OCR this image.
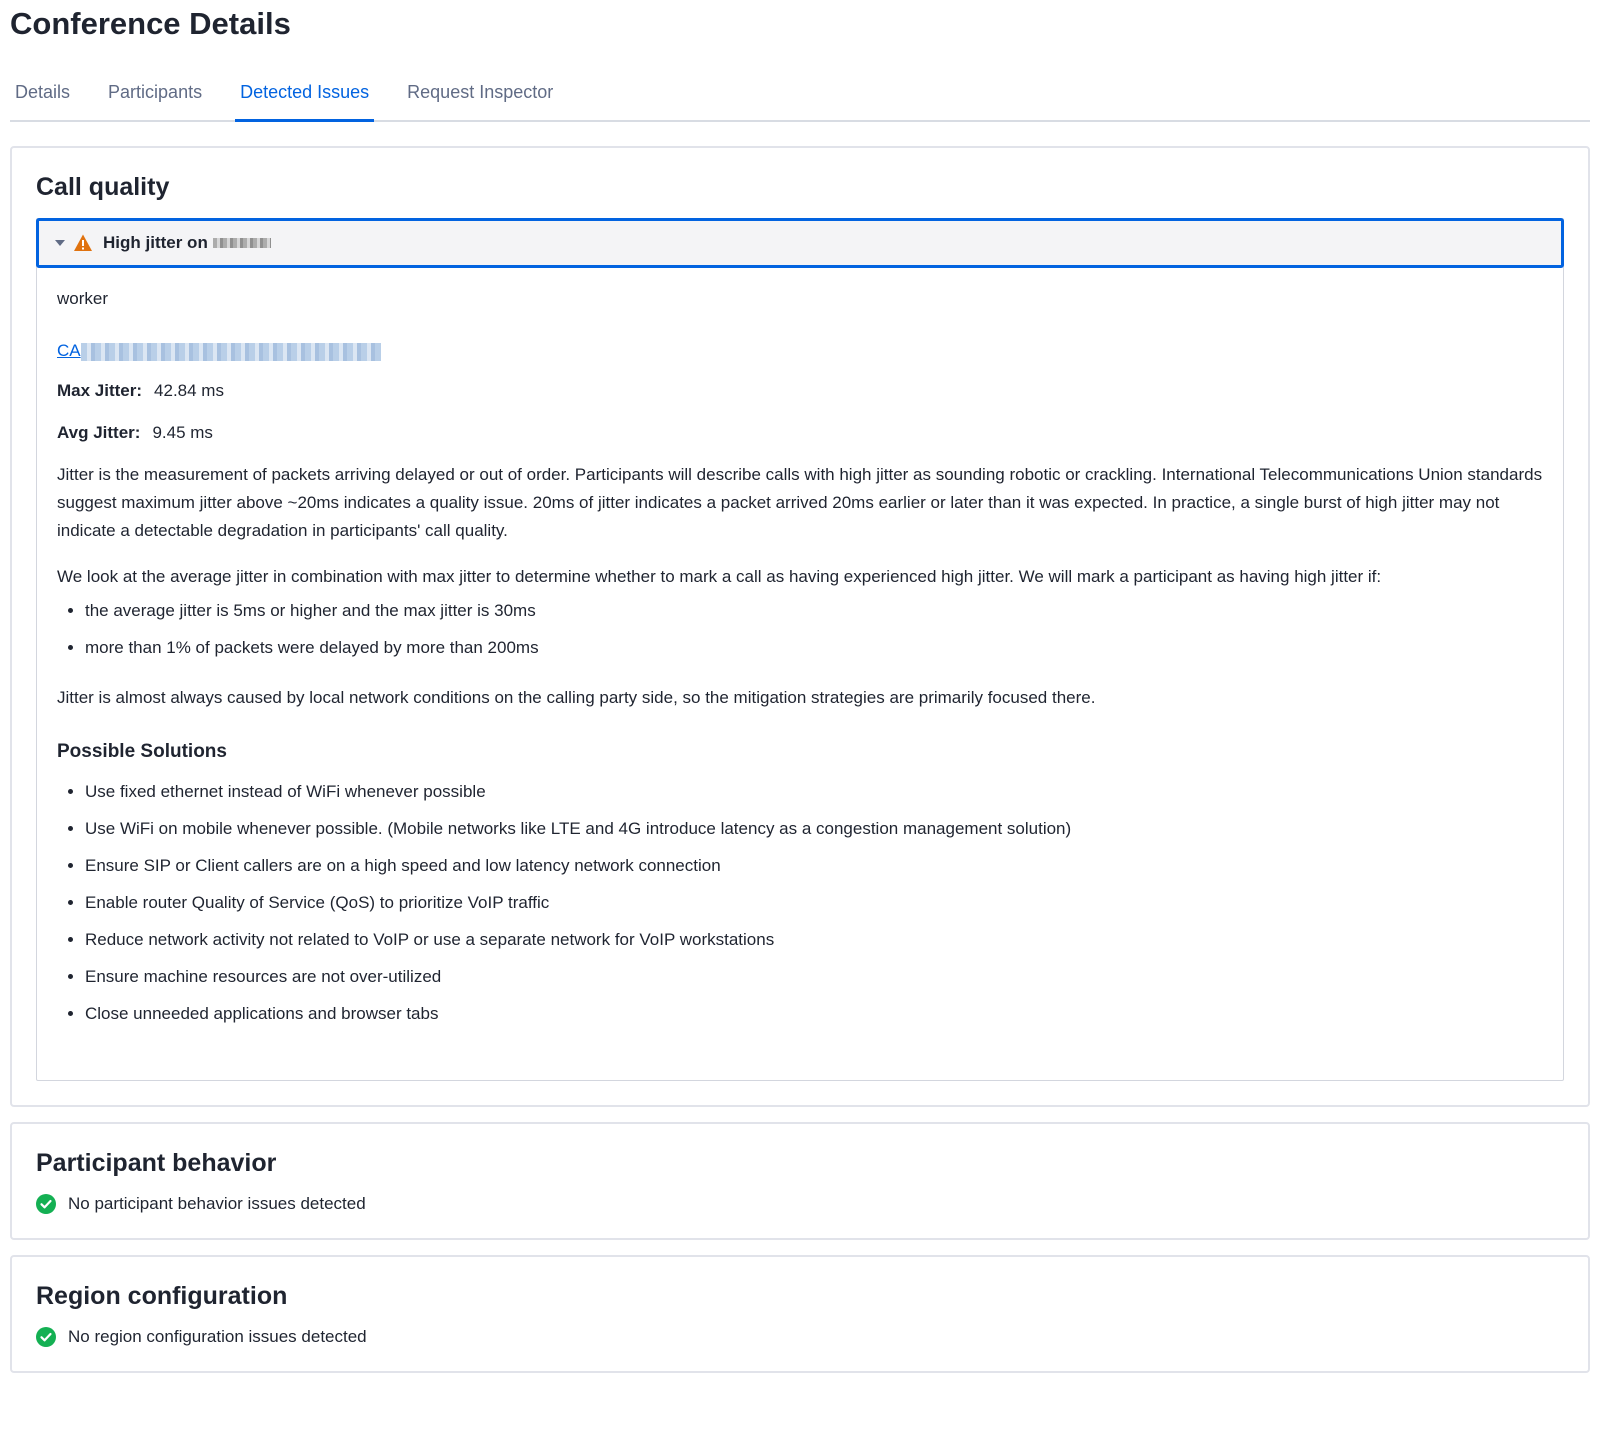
Conference Details
Details Participants Detected Issues Request Inspector
Call quality
High jitter on

worker

CA

Max Jitter: 42.84 ms

Avg Jitter: 9.45 ms

Jitter is the measurement of packets arriving delayed or out of order. Participants will describe calls with high jitter as sounding robotic or crackling. International Telecommunications Union standards suggest maximum jitter above ~20ms indicates a quality issue. 20ms of jitter indicates a packet arrived 20ms earlier or later than it was expected. In practice, a single burst of high jitter may not indicate a detectable degradation in participants' call quality.

We look at the average jitter in combination with max jitter to determine whether to mark a call as having experienced high jitter. We will mark a participant as having high jitter if:

• the average jitter is 5ms or higher and the max jitter is 30ms
• more than 1% of packets were delayed by more than 200ms

Jitter is almost always caused by local network conditions on the calling party side, so the mitigation strategies are primarily focused there.

Possible Solutions
• Use fixed ethernet instead of WiFi whenever possible
• Use WiFi on mobile whenever possible. (Mobile networks like LTE and 4G introduce latency as a congestion management solution)
• Ensure SIP or Client callers are on a high speed and low latency network connection
• Enable router Quality of Service (QoS) to prioritize VoIP traffic
• Reduce network activity not related to VoIP or use a separate network for VoIP workstations
• Ensure machine resources are not over-utilized
• Close unneeded applications and browser tabs
Participant behavior
No participant behavior issues detected
Region configuration
No region configuration issues detected
